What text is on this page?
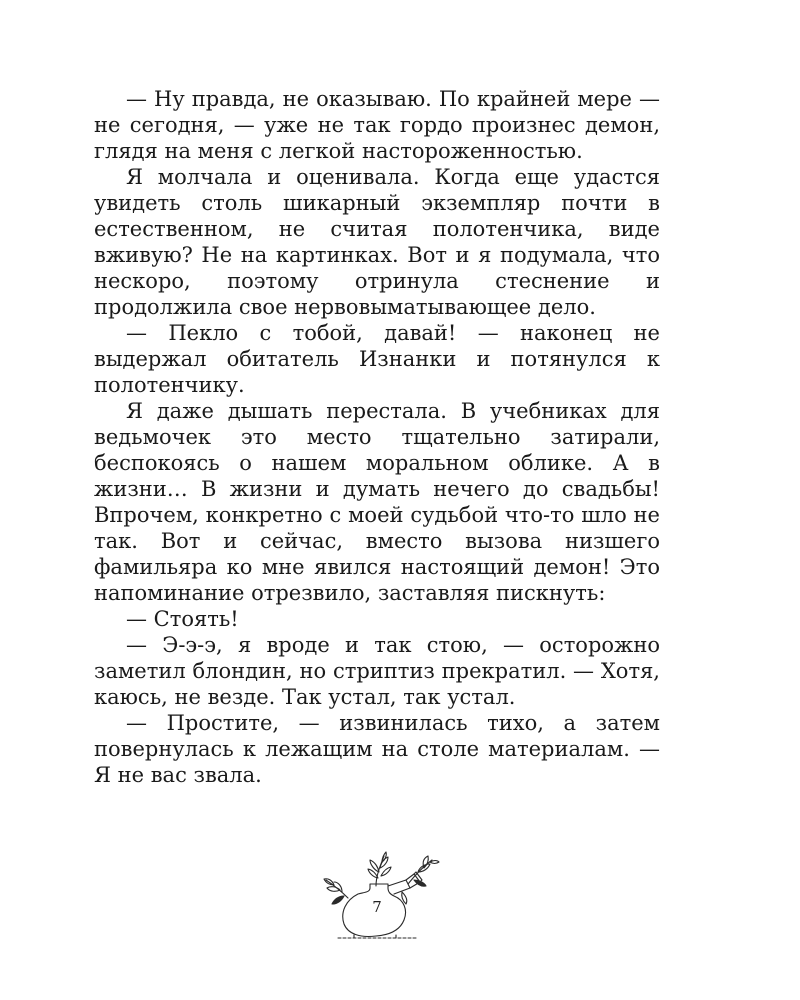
— Ну правда, не оказываю. По крайней мере — не сегодня, — уже не так гордо произнес демон, глядя на меня с легкой настороженностью.

Я молчала и оценивала. Когда еще удастся увидеть столь шикарный экземпляр почти в естественном, не считая полотенчика, виде вживую? Не на картинках. Вот и я подумала, что нескоро, поэтому отринула стеснение и продолжила свое нервовыматывающее дело.

— Пекло с тобой, давай! — наконец не выдержал обитатель Изнанки и потянулся к полотенчику.

Я даже дышать перестала. В учебниках для ведьмочек это место тщательно затирали, беспокоясь о нашем моральном облике. А в жизни… В жизни и думать нечего до свадьбы! Впрочем, конкретно с моей судьбой что-то шло не так. Вот и сейчас, вместо вызова низшего фамильяра ко мне явился настоящий демон! Это напоминание отрезвило, заставляя пискнуть:

— Стоять!

— Э-э-э, я вроде и так стою, — осторожно заметил блондин, но стриптиз прекратил. — Хотя, каюсь, не везде. Так устал, так устал.

— Простите, — извинилась тихо, а затем повернулась к лежащим на столе материалам. — Я не вас звала.

7
